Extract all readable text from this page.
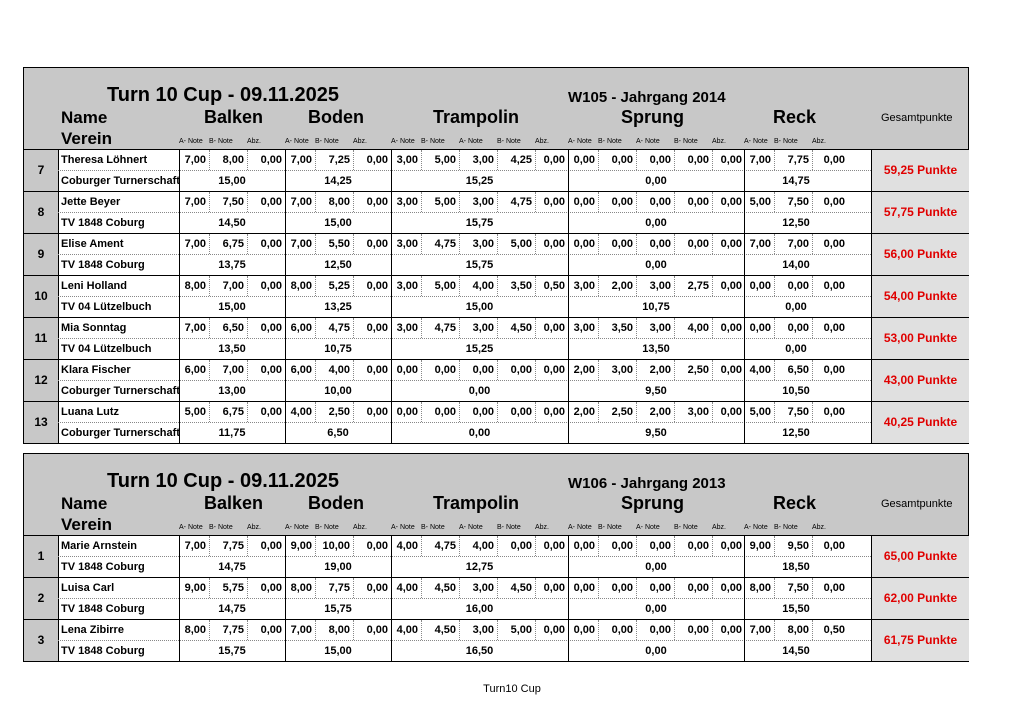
Turn 10 Cup - 09.11.2025	W105 - Jahrgang 2014
Name
Verein
Balken Boden	Trampolin	Sprung	Reck	Gesamtpunkte
A- Note B- Note Abz.	A- Note B- Note Abz.	A- Note B- Note A- Note B- Note Abz.	A- Note B- Note A- Note B- Note Abz.	A- Note B- Note Abz.
7
Theresa Löhnert
Coburger Turnerschaft
7,00	8,00	0,00
15,00
7,00	7,25	0,00
14,25
3,00	5,00	3,00	4,25	0,00
15,25
0,00	0,00	0,00	0,00	0,00
0,00
7,00	7,75	0,00
14,75
59,25 Punkte
8
Jette Beyer
TV 1848 Coburg
7,00	7,50	0,00
14,50
7,00	8,00	0,00
15,00
3,00	5,00	3,00	4,75	0,00
15,75
0,00	0,00	0,00	0,00	0,00
0,00
5,00	7,50	0,00
12,50
57,75 Punkte
9
Elise Ament
TV 1848 Coburg
7,00	6,75	0,00
13,75
7,00	5,50	0,00
12,50
3,00	4,75	3,00	5,00	0,00
15,75
0,00	0,00	0,00	0,00	0,00
0,00
7,00	7,00	0,00
14,00
56,00 Punkte
10
Leni Holland
TV 04 Lützelbuch
8,00	7,00	0,00
15,00
8,00	5,25	0,00
13,25
3,00	5,00	4,00	3,50	0,50
15,00
3,00	2,00	3,00	2,75	0,00
10,75
0,00	0,00	0,00
0,00
54,00 Punkte
11
Mia Sonntag
TV 04 Lützelbuch
7,00	6,50	0,00
13,50
6,00	4,75	0,00
10,75
3,00	4,75	3,00	4,50	0,00
15,25
3,00	3,50	3,00	4,00	0,00
13,50
0,00	0,00	0,00
0,00
53,00 Punkte
12
Klara Fischer
Coburger Turnerschaft
6,00	7,00	0,00
13,00
6,00	4,00	0,00
10,00
0,00	0,00	0,00	0,00	0,00
0,00
2,00	3,00	2,00	2,50	0,00
9,50
4,00	6,50	0,00
10,50
43,00 Punkte
13
Luana Lutz
Coburger Turnerschaft
5,00	6,75	0,00
11,75
4,00	2,50	0,00
6,50
0,00	0,00	0,00	0,00	0,00
0,00
2,00	2,50	2,00	3,00	0,00
9,50
5,00	7,50	0,00
12,50
40,25 Punkte
Turn 10 Cup - 09.11.2025	W106 - Jahrgang 2013
Name
Verein
Balken Boden	Trampolin	Sprung	Reck	Gesamtpunkte
A- Note B- Note Abz.	A- Note B- Note Abz.	A- Note B- Note A- Note B- Note Abz.	A- Note B- Note A- Note B- Note Abz.	A- Note B- Note Abz.
1
Marie Arnstein
TV 1848 Coburg
7,00	7,75	0,00
14,75
9,00 10,00	0,00
19,00
4,00	4,75	4,00	0,00	0,00
12,75
0,00	0,00	0,00	0,00	0,00
0,00
9,00	9,50	0,00
18,50
65,00 Punkte
2
Luisa Carl
TV 1848 Coburg
9,00	5,75	0,00
14,75
8,00	7,75	0,00
15,75
4,00	4,50	3,00	4,50	0,00
16,00
0,00	0,00	0,00	0,00	0,00
0,00
8,00	7,50	0,00
15,50
62,00 Punkte
3
Lena Zibirre
TV 1848 Coburg
8,00	7,75	0,00
15,75
7,00	8,00	0,00
15,00
4,00	4,50	3,00	5,00	0,00
16,50
0,00	0,00	0,00	0,00	0,00
0,00
7,00	8,00	0,50
14,50
61,75 Punkte
Turn10 Cup
